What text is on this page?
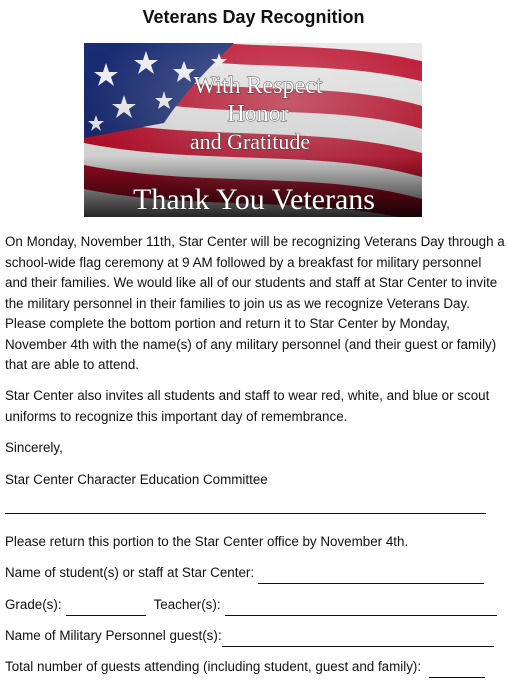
Veterans Day Recognition
With Respect
Honor
and Gratitude
Thank You Veterans

On Monday, November 11th, Star Center will be recognizing Veterans Day through a school-wide flag ceremony at 9 AM followed by a breakfast for military personnel and their families. We would like all of our students and staff at Star Center to invite the military personnel in their families to join us as we recognize Veterans Day. Please complete the bottom portion and return it to Star Center by Monday, November 4th with the name(s) of any military personnel (and their guest or family) that are able to attend.

Star Center also invites all students and staff to wear red, white, and blue or scout uniforms to recognize this important day of remembrance.

Sincerely,

Star Center Character Education Committee

Please return this portion to the Star Center office by November 4th.

Name of student(s) or staff at Star Center:
Grade(s):	Teacher(s):
Name of Military Personnel guest(s):
Total number of guests attending (including student, guest and family):
